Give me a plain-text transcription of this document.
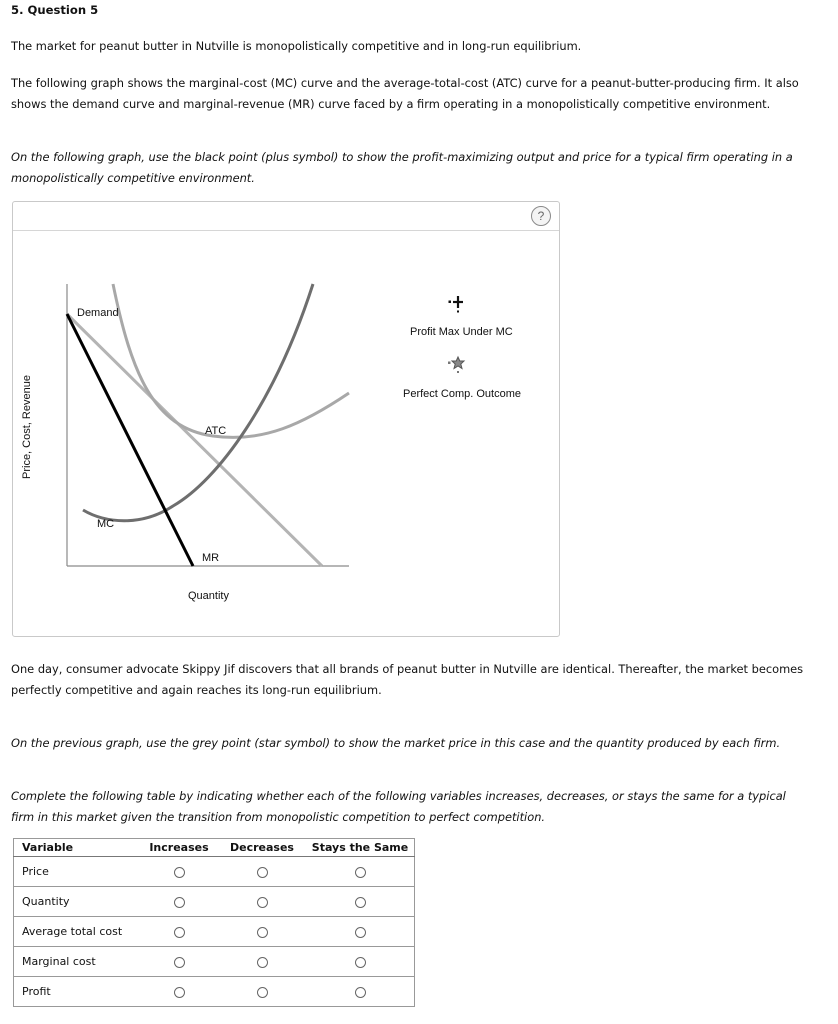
5. Question 5

The market for peanut butter in Nutville is monopolistically competitive and in long-run equilibrium.

The following graph shows the marginal-cost (MC) curve and the average-total-cost (ATC) curve for a peanut-butter-producing firm. It also shows the demand curve and marginal-revenue (MR) curve faced by a firm operating in a monopolistically competitive environment.

On the following graph, use the black point (plus symbol) to show the profit-maximizing output and price for a typical firm operating in a monopolistically competitive environment.

?
Demand
ATC
MC
MR
Quantity
Price, Cost, Revenue
Profit Max Under MC
Perfect Comp. Outcome

One day, consumer advocate Skippy Jif discovers that all brands of peanut butter in Nutville are identical. Thereafter, the market becomes perfectly competitive and again reaches its long-run equilibrium.

On the previous graph, use the grey point (star symbol) to show the market price in this case and the quantity produced by each firm.

Complete the following table by indicating whether each of the following variables increases, decreases, or stays the same for a typical firm in this market given the transition from monopolistic competition to perfect competition.

Variable	Increases	Decreases	Stays the Same
Price			
Quantity			
Average total cost			
Marginal cost			
Profit			
